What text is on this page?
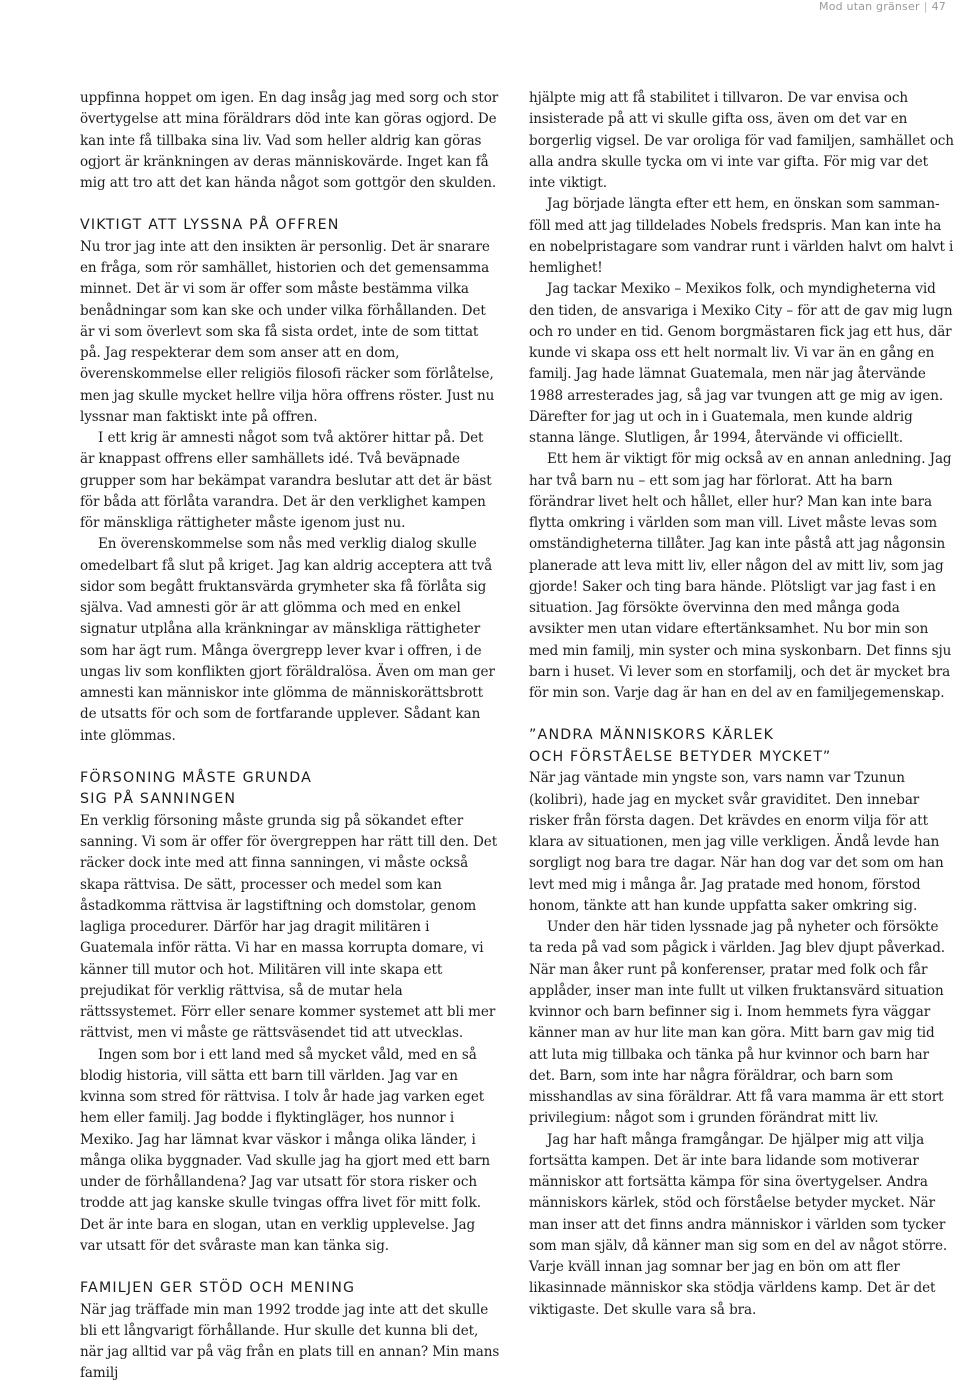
Mod utan gränser | 47

uppfinna hoppet om igen. En dag insåg jag med sorg och stor övertygelse att mina föräldrars död inte kan göras ogjord. De kan inte få tillbaka sina liv. Vad som heller aldrig kan göras ogjort är kränkningen av deras människovärde. Inget kan få mig att tro att det kan hända något som gottgör den skulden.

VIKTIGT ATT LYSSNA PÅ OFFREN

Nu tror jag inte att den insikten är personlig. Det är snarare en fråga, som rör samhället, historien och det gemensamma minnet. Det är vi som är offer som måste bestämma vilka benådningar som kan ske och under vilka förhållanden. Det är vi som överlevt som ska få sista ordet, inte de som tittat på. Jag respekterar dem som anser att en dom, överenskommelse eller religiös filosofi räcker som förlåtelse, men jag skulle mycket hellre vilja höra offrens röster. Just nu lyssnar man faktiskt inte på offren.

I ett krig är amnesti något som två aktörer hittar på. Det är knappast offrens eller samhällets idé. Två beväpnade grupper som har bekämpat varandra beslutar att det är bäst för båda att förlåta varandra. Det är den verklighet kampen för mänskliga rättigheter måste igenom just nu.

En överenskommelse som nås med verklig dialog skulle omedelbart få slut på kriget. Jag kan aldrig acceptera att två sidor som begått fruktansvärda grymheter ska få förlåta sig själva. Vad amnesti gör är att glömma och med en enkel signatur utplåna alla kränkningar av mänskliga rättigheter som har ägt rum. Många övergrepp lever kvar i offren, i de ungas liv som konflikten gjort föräldralösa. Även om man ger amnesti kan människor inte glömma de människorättsbrott de utsatts för och som de fortfarande upplever. Sådant kan inte glömmas.

FÖRSONING MÅSTE GRUNDA
SIG PÅ SANNINGEN

En verklig försoning måste grunda sig på sökandet efter sanning. Vi som är offer för övergreppen har rätt till den. Det räcker dock inte med att finna sanningen, vi måste också skapa rättvisa. De sätt, processer och medel som kan åstadkomma rättvisa är lagstiftning och domstolar, genom lagliga procedurer. Därför har jag dragit militären i Guatemala inför rätta. Vi har en massa korrupta domare, vi känner till mutor och hot. Militären vill inte skapa ett prejudikat för verklig rättvisa, så de mutar hela rättssystemet. Förr eller senare kommer systemet att bli mer rättvist, men vi måste ge rättsväsendet tid att utvecklas.

Ingen som bor i ett land med så mycket våld, med en så blodig historia, vill sätta ett barn till världen. Jag var en kvinna som stred för rättvisa. I tolv år hade jag varken eget hem eller familj. Jag bodde i flyktingläger, hos nunnor i Mexiko. Jag har lämnat kvar väskor i många olika länder, i många olika byggnader. Vad skulle jag ha gjort med ett barn under de förhållandena? Jag var utsatt för stora risker och trodde att jag kanske skulle tvingas offra livet för mitt folk. Det är inte bara en slogan, utan en verklig upplevelse. Jag var utsatt för det svåraste man kan tänka sig.

FAMILJEN GER STÖD OCH MENING

När jag träffade min man 1992 trodde jag inte att det skulle bli ett långvarigt förhållande. Hur skulle det kunna bli det, när jag alltid var på väg från en plats till en annan? Min mans familj

hjälpte mig att få stabilitet i tillvaron. De var envisa och insisterade på att vi skulle gifta oss, även om det var en borgerlig vigsel. De var oroliga för vad familjen, samhället och alla andra skulle tycka om vi inte var gifta. För mig var det inte viktigt.

Jag började längta efter ett hem, en önskan som sammanföll med att jag tilldelades Nobels fredspris. Man kan inte ha en nobelpristagare som vandrar runt i världen halvt om halvt i hemlighet!

Jag tackar Mexiko – Mexikos folk, och myndigheterna vid den tiden, de ansvariga i Mexiko City – för att de gav mig lugn och ro under en tid. Genom borgmästaren fick jag ett hus, där kunde vi skapa oss ett helt normalt liv. Vi var än en gång en familj. Jag hade lämnat Guatemala, men när jag återvände 1988 arresterades jag, så jag var tvungen att ge mig av igen. Därefter for jag ut och in i Guatemala, men kunde aldrig stanna länge. Slutligen, år 1994, återvände vi officiellt.

Ett hem är viktigt för mig också av en annan anledning. Jag har två barn nu – ett som jag har förlorat. Att ha barn förändrar livet helt och hållet, eller hur? Man kan inte bara flytta omkring i världen som man vill. Livet måste levas som omständigheterna tillåter. Jag kan inte påstå att jag någonsin planerade att leva mitt liv, eller någon del av mitt liv, som jag gjorde! Saker och ting bara hände. Plötsligt var jag fast i en situation. Jag försökte övervinna den med många goda avsikter men utan vidare eftertänksamhet. Nu bor min son med min familj, min syster och mina syskonbarn. Det finns sju barn i huset. Vi lever som en storfamilj, och det är mycket bra för min son. Varje dag är han en del av en familjegemenskap.

”ANDRA MÄNNISKORS KÄRLEK
OCH FÖRSTÅELSE BETYDER MYCKET”

När jag väntade min yngste son, vars namn var Tzunun (kolibri), hade jag en mycket svår graviditet. Den innebar risker från första dagen. Det krävdes en enorm vilja för att klara av situationen, men jag ville verkligen. Ändå levde han sorgligt nog bara tre dagar. När han dog var det som om han levt med mig i många år. Jag pratade med honom, förstod honom, tänkte att han kunde uppfatta saker omkring sig.

Under den här tiden lyssnade jag på nyheter och försökte ta reda på vad som pågick i världen. Jag blev djupt påverkad. När man åker runt på konferenser, pratar med folk och får applåder, inser man inte fullt ut vilken fruktansvärd situation kvinnor och barn befinner sig i. Inom hemmets fyra väggar känner man av hur lite man kan göra. Mitt barn gav mig tid att luta mig tillbaka och tänka på hur kvinnor och barn har det. Barn, som inte har några föräldrar, och barn som misshandlas av sina föräldrar. Att få vara mamma är ett stort privilegium: något som i grunden förändrat mitt liv.

Jag har haft många framgångar. De hjälper mig att vilja fortsätta kampen. Det är inte bara lidande som motiverar människor att fortsätta kämpa för sina övertygelser. Andra människors kärlek, stöd och förståelse betyder mycket. När man inser att det finns andra människor i världen som tycker som man själv, då känner man sig som en del av något större. Varje kväll innan jag somnar ber jag en bön om att fler likasinnade människor ska stödja världens kamp. Det är det viktigaste. Det skulle vara så bra.
